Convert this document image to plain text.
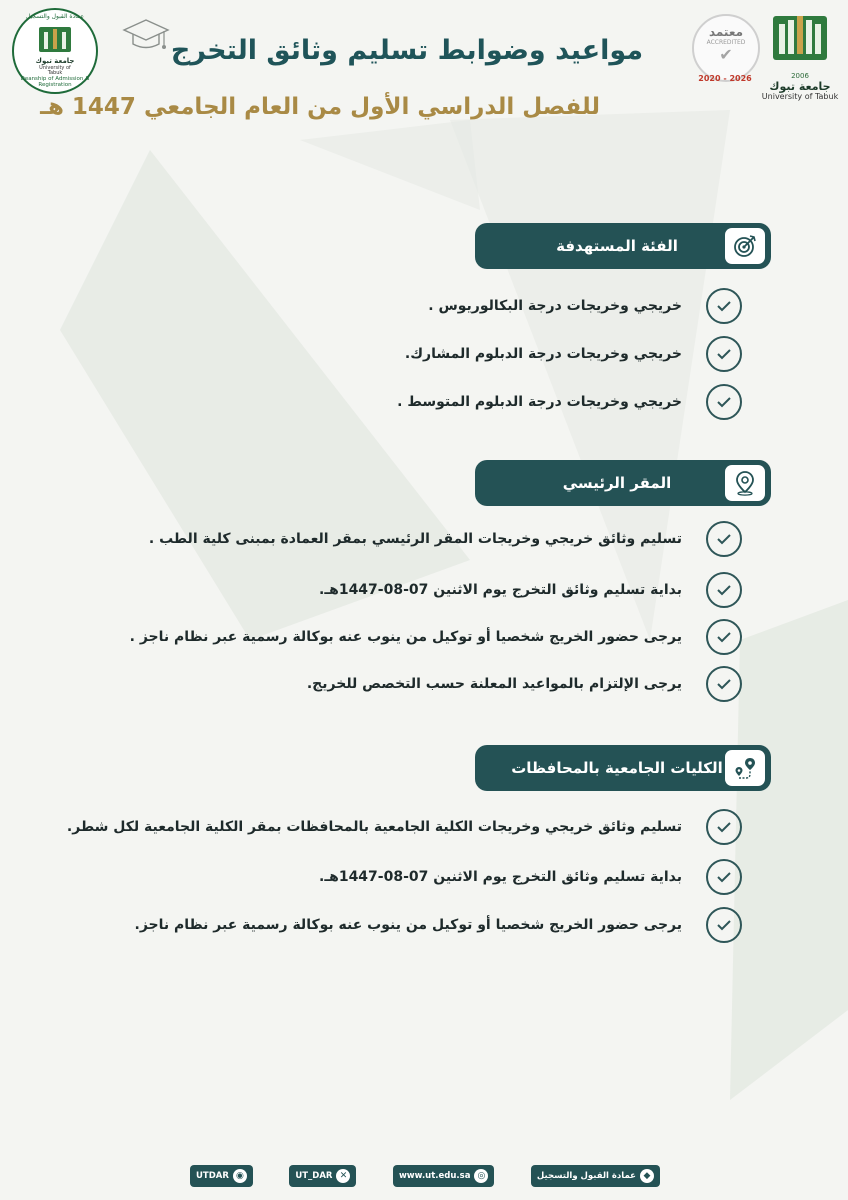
2006
جامعة تبوك
University of Tabuk
معتمد
ACCREDITED
✔
2020 - 2026
عمادة القبول والتسجيل
جامعة تبوك
University of Tabuk
Deanship of Admission & Registration
مواعيد وضوابط تسليم وثائق التخرج
للفصل الدراسي الأول من العام الجامعي 1447 هـ
الفئة المستهدفة
خريجي وخريجات درجة البكالوريوس .
خريجي وخريجات درجة الدبلوم المشارك.
خريجي وخريجات درجة الدبلوم المتوسط .
المقر الرئيسي
تسليم وثائق خريجي وخريجات المقر الرئيسي بمقر العمادة بمبنى كلية الطب .
بداية تسليم وثائق التخرج يوم الاثنين 07-08-1447هـ.
يرجى حضور الخريج شخصيا أو توكيل من ينوب عنه بوكالة رسمية عبر نظام ناجز .
يرجى الإلتزام بالمواعيد المعلنة حسب التخصص للخريج.
الكليات الجامعية بالمحافظات
تسليم وثائق خريجي وخريجات الكلية الجامعية بالمحافظات بمقر الكلية الجامعية لكل شطر.
بداية تسليم وثائق التخرج يوم الاثنين 07-08-1447هـ.
يرجى حضور الخريج شخصيا أو توكيل من ينوب عنه بوكالة رسمية عبر نظام ناجز.
◆
عمادة القبول والتسجيل
◎
www.ut.edu.sa
✕
UT_DAR
◉
UTDAR
